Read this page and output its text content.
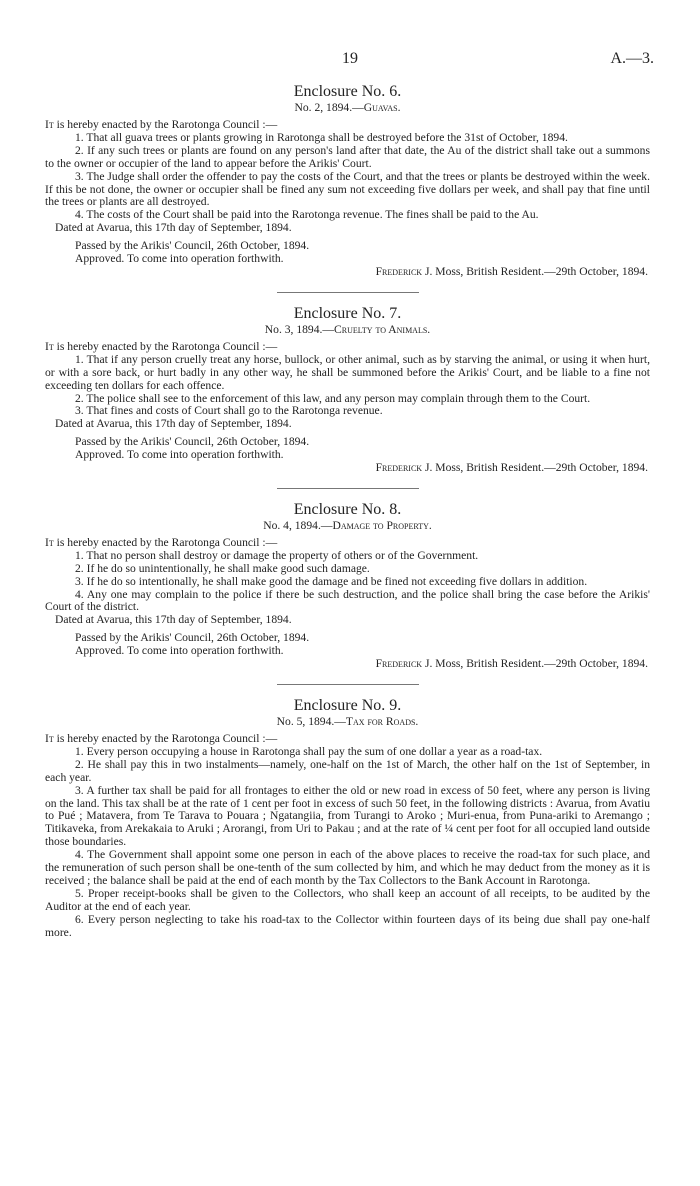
19	A.—3.

Enclosure No. 6.

No. 2, 1894.—Guavas.

It is hereby enacted by the Rarotonga Council :—

1. That all guava trees or plants growing in Rarotonga shall be destroyed before the 31st of October, 1894.

2. If any such trees or plants are found on any person's land after that date, the Au of the district shall take out a summons to the owner or occupier of the land to appear before the Arikis' Court.

3. The Judge shall order the offender to pay the costs of the Court, and that the trees or plants be destroyed within the week. If this be not done, the owner or occupier shall be fined any sum not exceeding five dollars per week, and shall pay that fine until the trees or plants are all destroyed.

4. The costs of the Court shall be paid into the Rarotonga revenue. The fines shall be paid to the Au.

Dated at Avarua, this 17th day of September, 1894.

Passed by the Arikis' Council, 26th October, 1894.

Approved. To come into operation forthwith.

Frederick J. Moss, British Resident.—29th October, 1894.

Enclosure No. 7.

No. 3, 1894.—Cruelty to Animals.

It is hereby enacted by the Rarotonga Council :—

1. That if any person cruelly treat any horse, bullock, or other animal, such as by starving the animal, or using it when hurt, or with a sore back, or hurt badly in any other way, he shall be summoned before the Arikis' Court, and be liable to a fine not exceeding ten dollars for each offence.

2. The police shall see to the enforcement of this law, and any person may complain through them to the Court.

3. That fines and costs of Court shall go to the Rarotonga revenue.

Dated at Avarua, this 17th day of September, 1894.

Passed by the Arikis' Council, 26th October, 1894.

Approved. To come into operation forthwith.

Frederick J. Moss, British Resident.—29th October, 1894.

Enclosure No. 8.

No. 4, 1894.—Damage to Property.

It is hereby enacted by the Rarotonga Council :—

1. That no person shall destroy or damage the property of others or of the Government.

2. If he do so unintentionally, he shall make good such damage.

3. If he do so intentionally, he shall make good the damage and be fined not exceeding five dollars in addition.

4. Any one may complain to the police if there be such destruction, and the police shall bring the case before the Arikis' Court of the district.

Dated at Avarua, this 17th day of September, 1894.

Passed by the Arikis' Council, 26th October, 1894.

Approved. To come into operation forthwith.

Frederick J. Moss, British Resident.—29th October, 1894.

Enclosure No. 9.

No. 5, 1894.—Tax for Roads.

It is hereby enacted by the Rarotonga Council :—

1. Every person occupying a house in Rarotonga shall pay the sum of one dollar a year as a road-tax.

2. He shall pay this in two instalments—namely, one-half on the 1st of March, the other half on the 1st of September, in each year.

3. A further tax shall be paid for all frontages to either the old or new road in excess of 50 feet, where any person is living on the land. This tax shall be at the rate of 1 cent per foot in excess of such 50 feet, in the following districts : Avarua, from Avatiu to Pué ; Matavera, from Te Tarava to Pouara ; Ngatangiia, from Turangi to Aroko ; Muri-enua, from Puna-ariki to Aremango ; Titikaveka, from Arekakaia to Aruki ; Arorangi, from Uri to Pakau ; and at the rate of ¼ cent per foot for all occupied land outside those boundaries.

4. The Government shall appoint some one person in each of the above places to receive the road-tax for such place, and the remuneration of such person shall be one-tenth of the sum collected by him, and which he may deduct from the money as it is received ; the balance shall be paid at the end of each month by the Tax Collectors to the Bank Account in Rarotonga.

5. Proper receipt-books shall be given to the Collectors, who shall keep an account of all receipts, to be audited by the Auditor at the end of each year.

6. Every person neglecting to take his road-tax to the Collector within fourteen days of its being due shall pay one-half more.
